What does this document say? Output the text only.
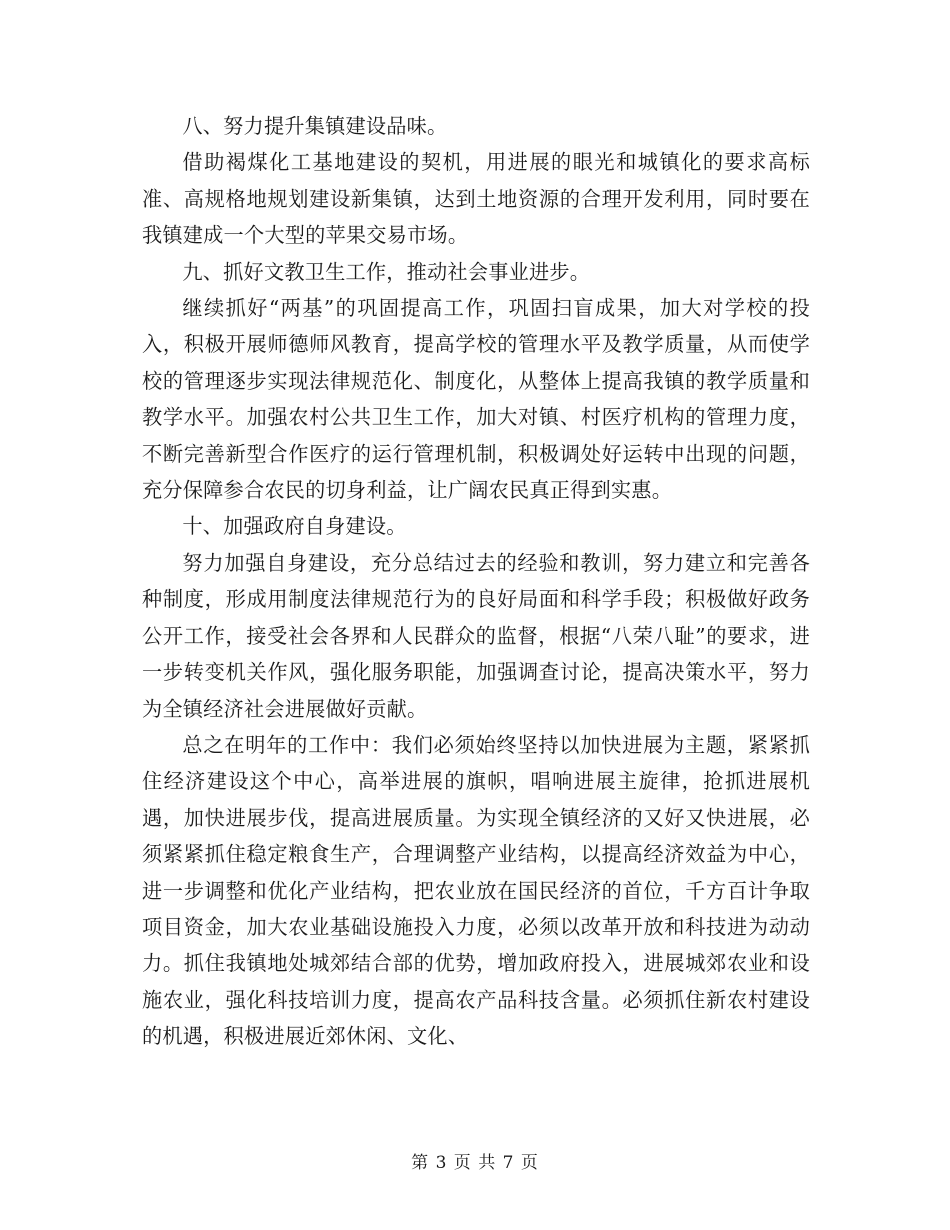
八、努力提升集镇建设品味。

借助褐煤化工基地建设的契机，用进展的眼光和城镇化的要求高标准、高规格地规划建设新集镇，达到土地资源的合理开发利用，同时要在我镇建成一个大型的苹果交易市场。

九、抓好文教卫生工作，推动社会事业进步。

继续抓好“两基”的巩固提高工作，巩固扫盲成果，加大对学校的投入，积极开展师德师风教育，提高学校的管理水平及教学质量，从而使学校的管理逐步实现法律规范化、制度化，从整体上提高我镇的教学质量和教学水平。加强农村公共卫生工作，加大对镇、村医疗机构的管理力度，不断完善新型合作医疗的运行管理机制，积极调处好运转中出现的问题，充分保障参合农民的切身利益，让广阔农民真正得到实惠。

十、加强政府自身建设。

努力加强自身建设，充分总结过去的经验和教训，努力建立和完善各种制度，形成用制度法律规范行为的良好局面和科学手段；积极做好政务公开工作，接受社会各界和人民群众的监督，根据“八荣八耻”的要求，进一步转变机关作风，强化服务职能，加强调查讨论，提高决策水平，努力为全镇经济社会进展做好贡献。

总之在明年的工作中：我们必须始终坚持以加快进展为主题，紧紧抓住经济建设这个中心，高举进展的旗帜，唱响进展主旋律，抢抓进展机遇，加快进展步伐，提高进展质量。为实现全镇经济的又好又快进展，必须紧紧抓住稳定粮食生产，合理调整产业结构，以提高经济效益为中心，进一步调整和优化产业结构，把农业放在国民经济的首位，千方百计争取项目资金，加大农业基础设施投入力度，必须以改革开放和科技进为动动力。抓住我镇地处城郊结合部的优势，增加政府投入，进展城郊农业和设施农业，强化科技培训力度，提高农产品科技含量。必须抓住新农村建设的机遇，积极进展近郊休闲、文化、

第 3 页 共 7 页
